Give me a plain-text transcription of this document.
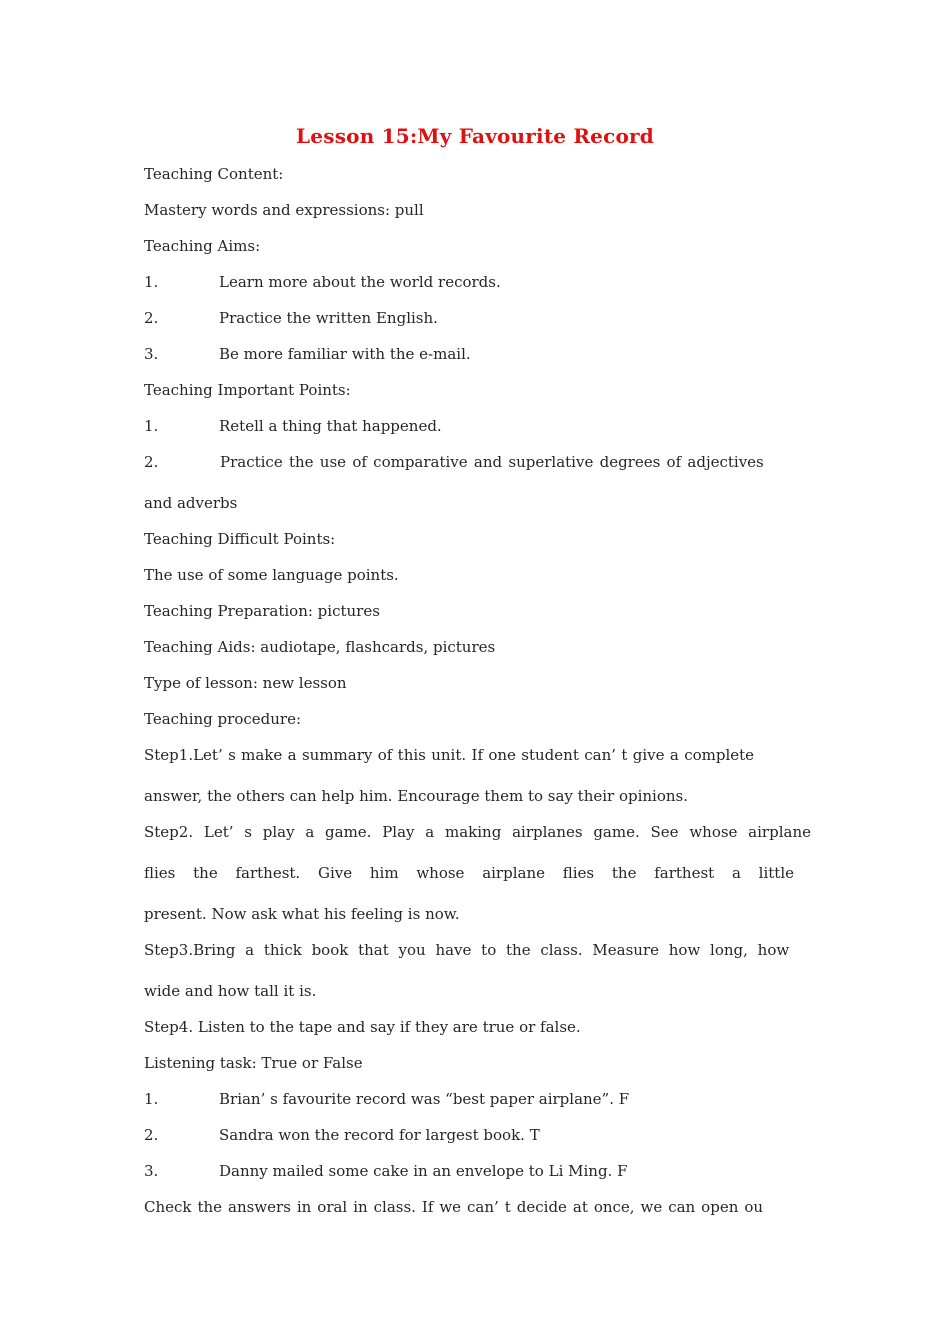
Lesson 15:My Favourite Record
Teaching Content:
Mastery words and expressions: pull
Teaching Aims:
1.	Learn more about the world records.
2.	Practice the written English.
3.	Be more familiar with the e-mail.
Teaching Important Points:
1.	Retell a thing that happened.
2.	Practice the use of comparative and superlative degrees of adjectives
and adverbs
Teaching Difficult Points:
The use of some language points.
Teaching Preparation: pictures
Teaching Aids: audiotape, flashcards, pictures
Type of lesson: new lesson
Teaching procedure:
Step1.Let’ s make a summary of this unit. If one student can’ t give a complete
answer, the others can help him. Encourage them to say their opinions.
Step2. Let’ s play a game. Play a making airplanes game. See whose airplane
flies the farthest. Give him whose airplane flies the farthest a little
present. Now ask what his feeling is now.
Step3.Bring a thick book that you have to the class. Measure how long, how
wide and how tall it is.
Step4. Listen to the tape and say if they are true or false.
Listening task: True or False
1.	Brian’ s favourite record was “best paper airplane”. F
2.	Sandra won the record for largest book. T
3.	Danny mailed some cake in an envelope to Li Ming. F
Check the answers in oral in class. If we can’ t decide at once, we can open ou
